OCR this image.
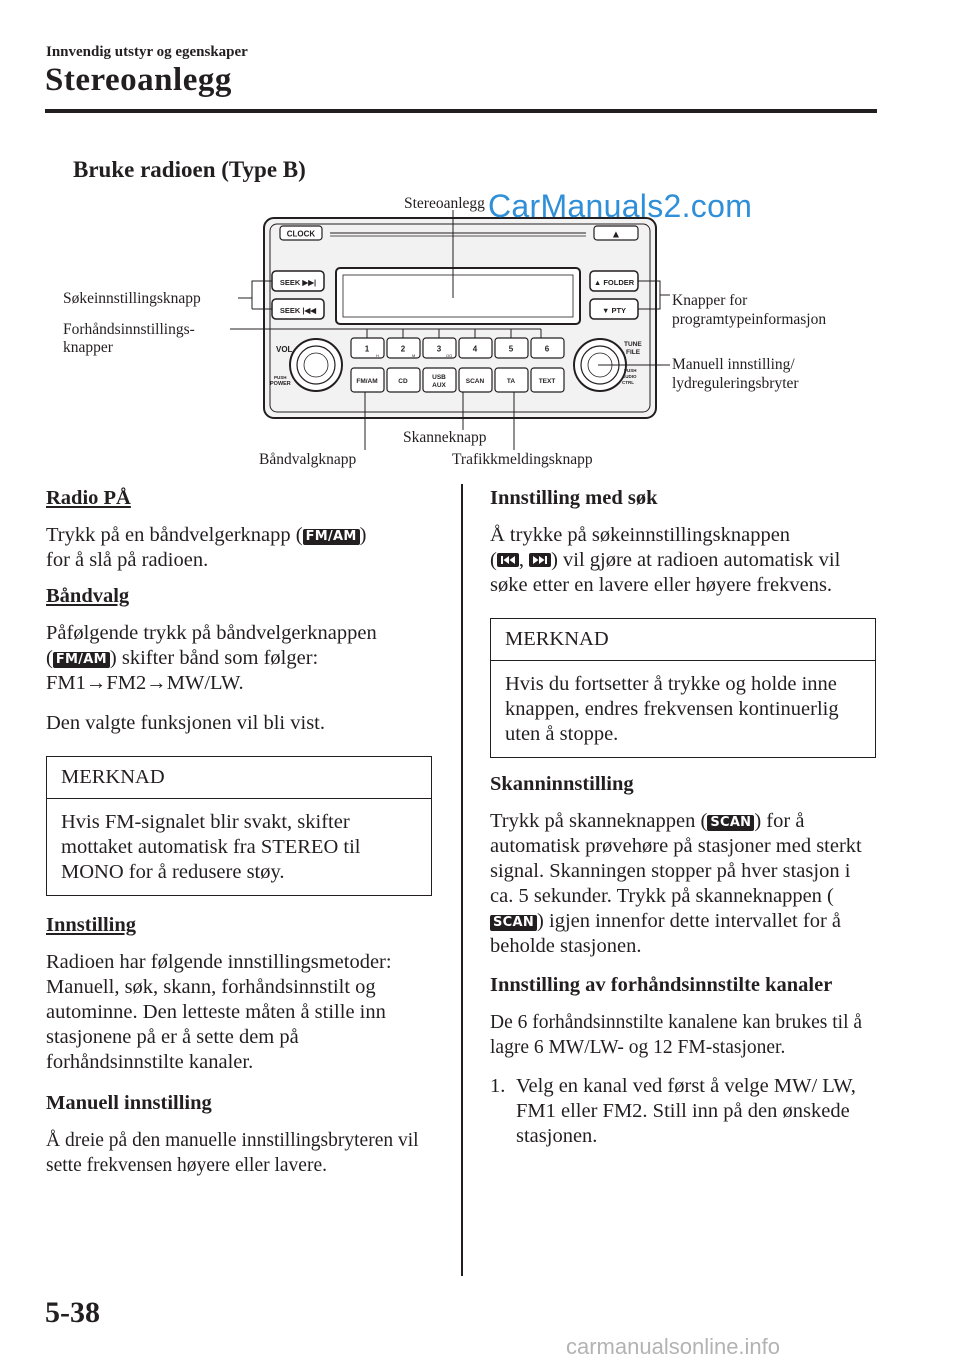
Innvendig utstyr og egenskaper
Stereoanlegg
Bruke radioen (Type B)
CLOCK	▲
SEEK ▶▶|
SEEK |◀◀
▲ FOLDER
▼ PTY
VOL
PUSH
POWER
1	2	3	4	5	6
H	M	OO
FM/AM	CD
USB
AUX
SCAN	TA	TEXT
TUNE
FILE
PUSH
AUDIO
CTRL
CarManuals2.com
Stereoanlegg
Søkeinnstillingsknapp
Forhåndsinnstillings-
knapper
Knapper for
programtypeinformasjon
Manuell innstilling/
lydreguleringsbryter
Skanneknapp
Båndvalgknapp	Trafikkmeldingsknapp
Radio PÅ

Trykk på en båndvelgerknapp ( FM/AM )
for å slå på radioen.

Båndvalg

Påfølgende trykk på båndvelgerknappen
( FM/AM ) skifter bånd som følger:
FM1→FM2→MW/LW.

Den valgte funksjonen vil bli vist.

MERKNAD
Hvis FM-signalet blir svakt, skifter mottaket automatisk fra STEREO til MONO for å redusere støy.
Innstilling

Radioen har følgende innstillingsmetoder: Manuell, søk, skann, forhåndsinnstilt og autominne. Den letteste måten å stille inn stasjonene på er å sette dem på forhåndsinnstilte kanaler.

Manuell innstilling

Å dreie på den manuelle innstillingsbryteren vil sette frekvensen høyere eller lavere.

Innstilling med søk

Å trykke på søkeinnstillingsknappen
( , ) vil gjøre at radioen automatisk vil
søke etter en lavere eller høyere frekvens.

MERKNAD
Hvis du fortsetter å trykke og holde inne knappen, endres frekvensen kontinuerlig uten å stoppe.
Skanninnstilling

Trykk på skanneknappen ( SCAN ) for å automatisk prøvehøre på stasjoner med sterkt signal. Skanningen stopper på hver stasjon i ca. 5 sekunder. Trykk på skanneknappen (SCAN ) igjen innenfor dette intervallet for å beholde stasjonen.

Innstilling av forhåndsinnstilte kanaler

De 6 forhåndsinnstilte kanalene kan brukes til å lagre 6 MW/LW- og 12 FM-stasjoner.

1. Velg en kanal ved først å velge MW/ LW, FM1 eller FM2. Still inn på den ønskede stasjonen.
5-38
carmanualsonline.info
